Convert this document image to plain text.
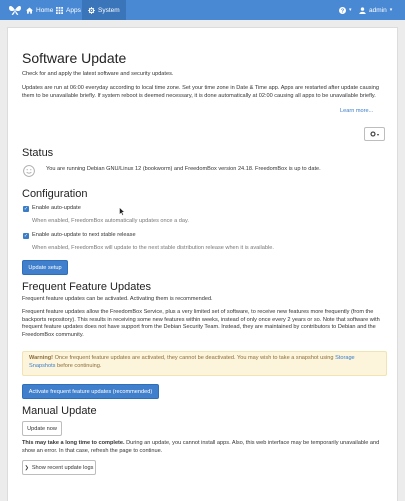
Home Apps	System	? ▾	admin ▾
Software Update
Check for and apply the latest software and security updates.
Updates are run at 06:00 everyday according to local time zone. Set your time zone in Date & Time app. Apps are restarted after update causing them to be unavailable briefly. If system reboot is deemed necessary, it is done automatically at 02:00 causing all apps to be unavailable briefly.
Learn more...
▾
Status
You are running Debian GNU/Linux 12 (bookworm) and FreedomBox version 24.18. FreedomBox is up to date.
Configuration
✓ Enable auto-update
When enabled, FreedomBox automatically updates once a day.
✓ Enable auto-update to next stable release
When enabled, FreedomBox will update to the next stable distribution release when it is available.
Update setup
Frequent Feature Updates
Frequent feature updates can be activated. Activating them is recommended.
Frequent feature updates allow the FreedomBox Service, plus a very limited set of software, to receive new features more frequently (from the backports repository). This results in receiving some new features within weeks, instead of only once every 2 years or so. Note that software with frequent feature updates does not have support from the Debian Security Team. Instead, they are maintained by contributors to Debian and the FreedomBox community.
Warning! Once frequent feature updates are activated, they cannot be deactivated. You may wish to take a snapshot using Storage Snapshots before continuing.
Activate frequent feature updates (recommended)
Manual Update
Update now
This may take a long time to complete. During an update, you cannot install apps. Also, this web interface may be temporarily unavailable and show an error. In that case, refresh the page to continue.
❯ Show recent update logs
